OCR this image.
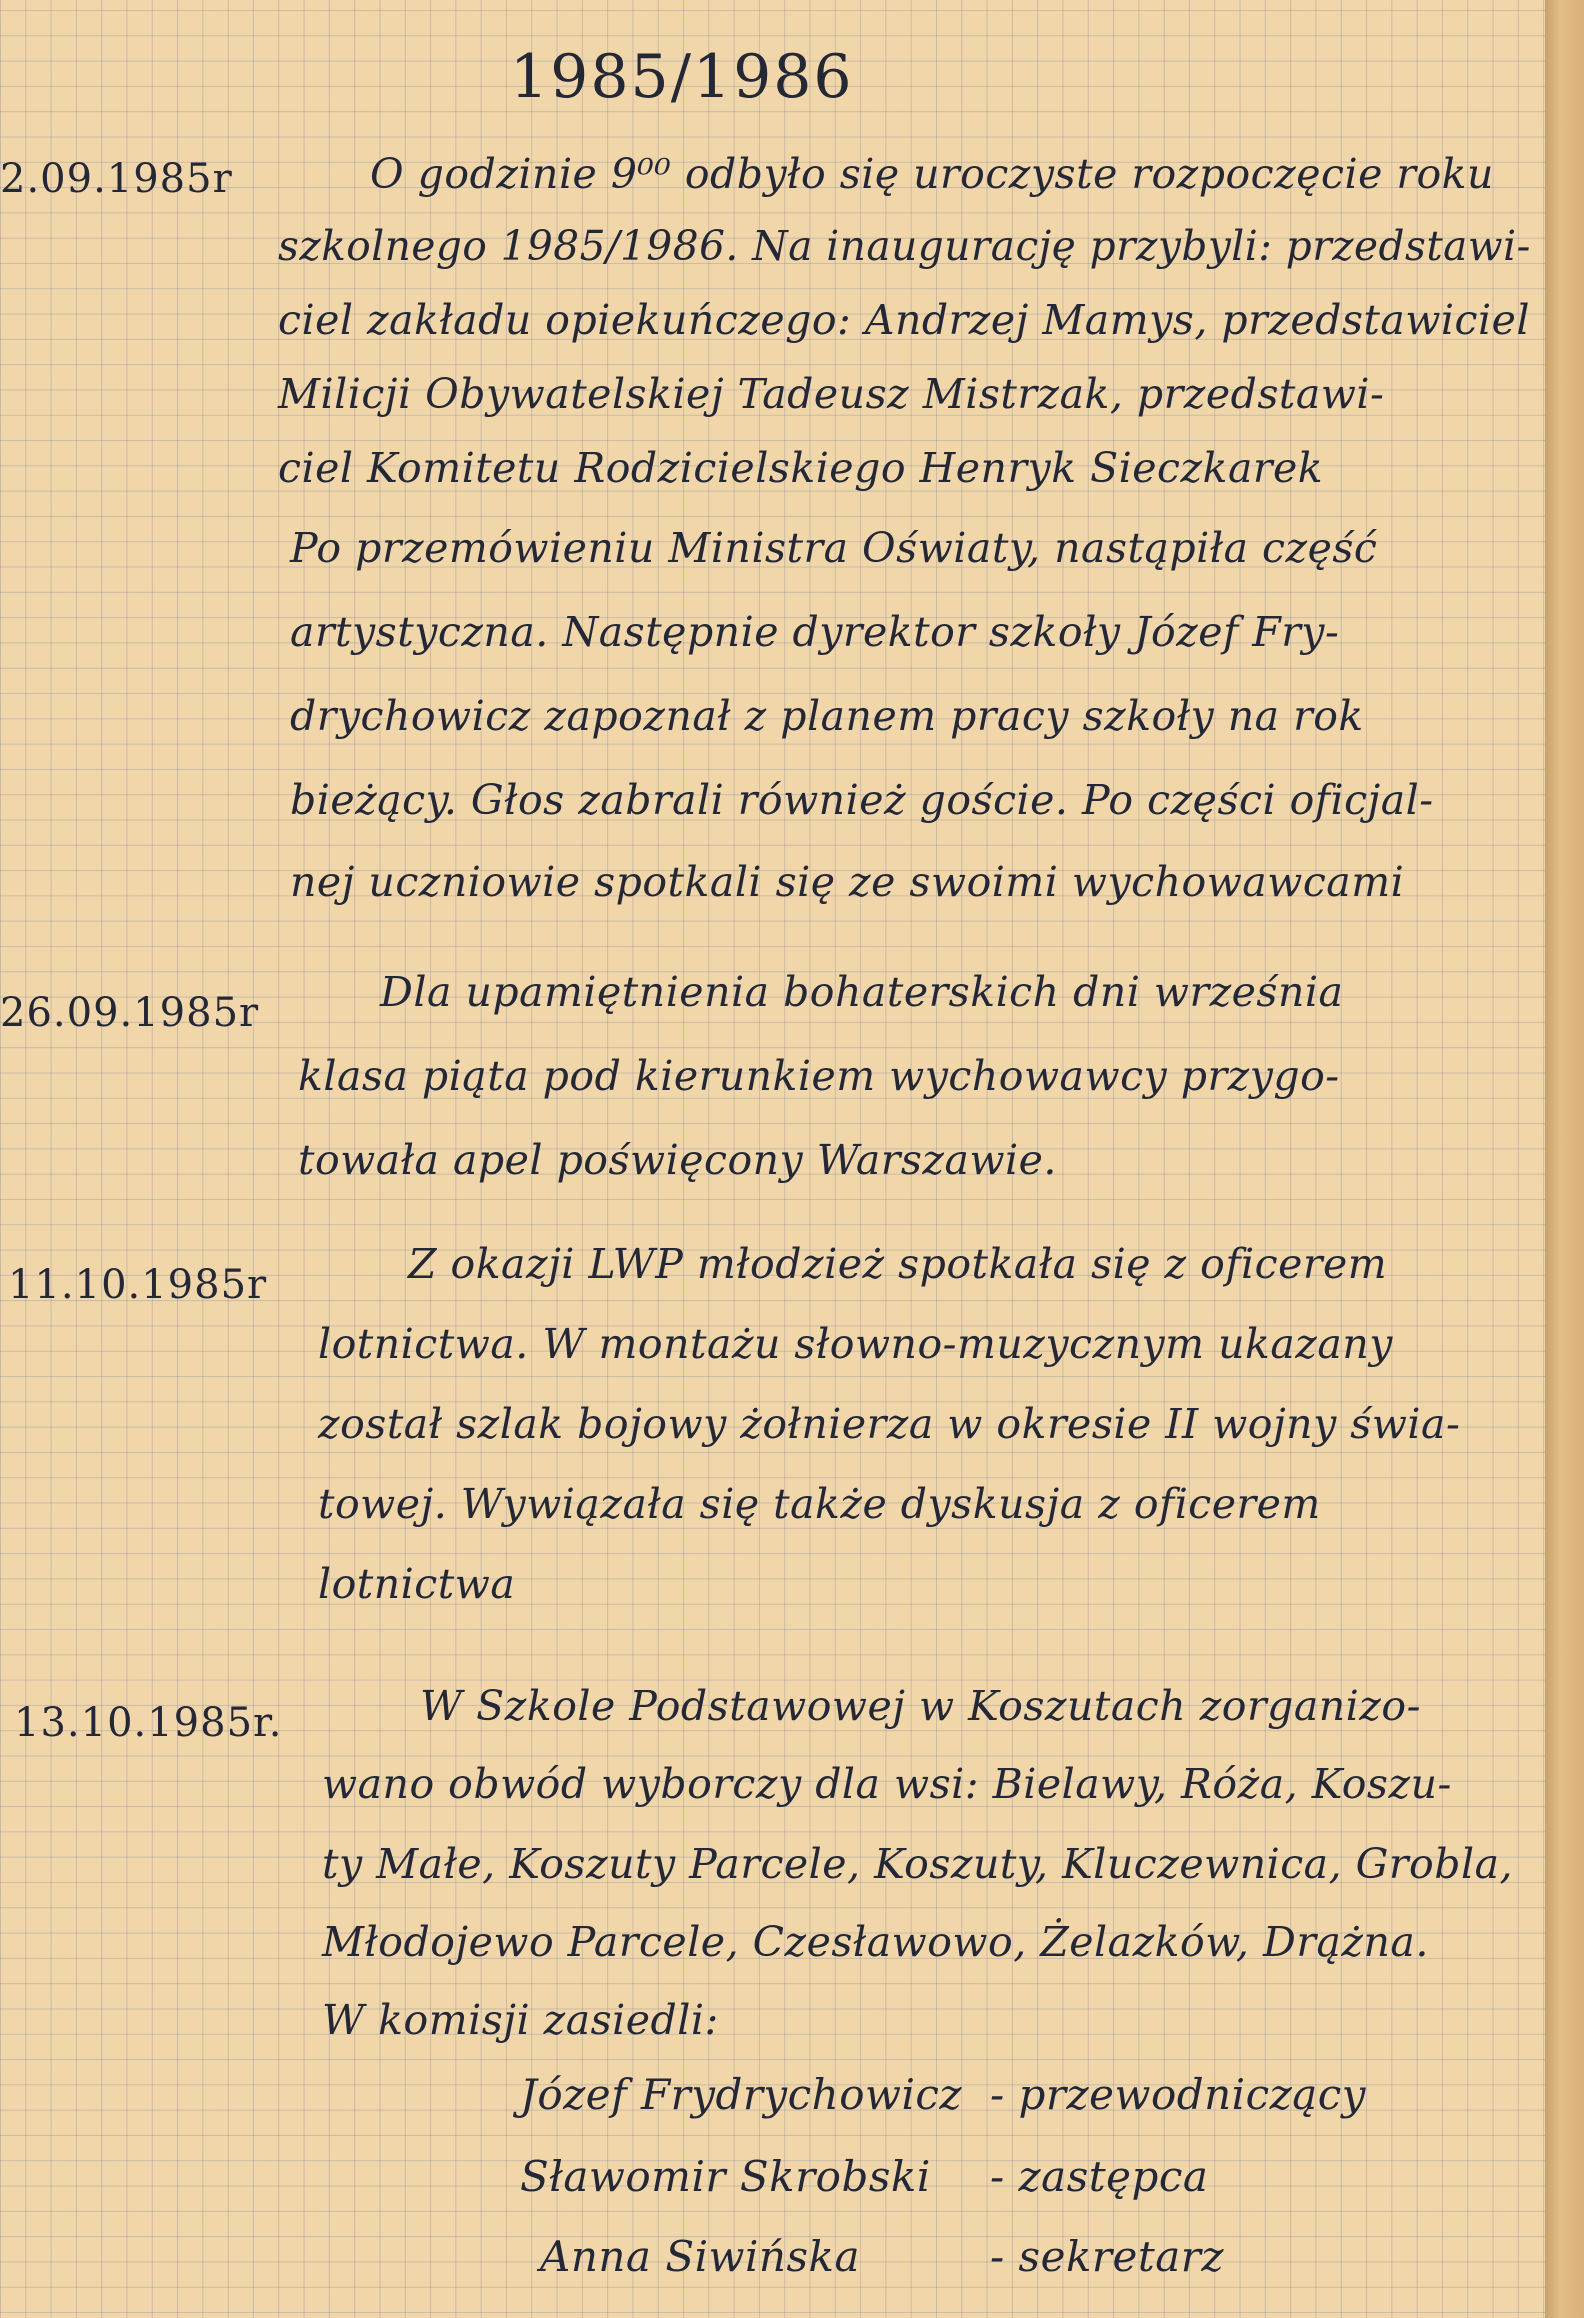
1985/1986
2.09.1985r	O godzinie 9⁰⁰ odbyło się uroczyste rozpoczęcie roku
szkolnego 1985/1986. Na inaugurację przybyli: przedstawi-
ciel zakładu opiekuńczego: Andrzej Mamys, przedstawiciel
Milicji Obywatelskiej Tadeusz Mistrzak, przedstawi-
ciel Komitetu Rodzicielskiego Henryk Sieczkarek
Po przemówieniu Ministra Oświaty, nastąpiła część
artystyczna. Następnie dyrektor szkoły Józef Fry-
drychowicz zapoznał z planem pracy szkoły na rok
bieżący. Głos zabrali również goście. Po części oficjal-
nej uczniowie spotkali się ze swoimi wychowawcami
26.09.1985r	Dla upamiętnienia bohaterskich dni września
klasa piąta pod kierunkiem wychowawcy przygo-
towała apel poświęcony Warszawie.
11.10.1985r	Z okazji LWP młodzież spotkała się z oficerem
lotnictwa. W montażu słowno-muzycznym ukazany
został szlak bojowy żołnierza w okresie II wojny świa-
towej. Wywiązała się także dyskusja z oficerem
lotnictwa
13.10.1985r.	W Szkole Podstawowej w Koszutach zorganizo-
wano obwód wyborczy dla wsi: Bielawy, Róża, Koszu-
ty Małe, Koszuty Parcele, Koszuty, Kluczewnica, Grobla,
Młodojewo Parcele, Czesławowo, Żelazków, Drążna.
W komisji zasiedli:
Józef Frydrychowicz - przewodniczący
Sławomir Skrobski - zastępca
Anna Siwińska	- sekretarz
